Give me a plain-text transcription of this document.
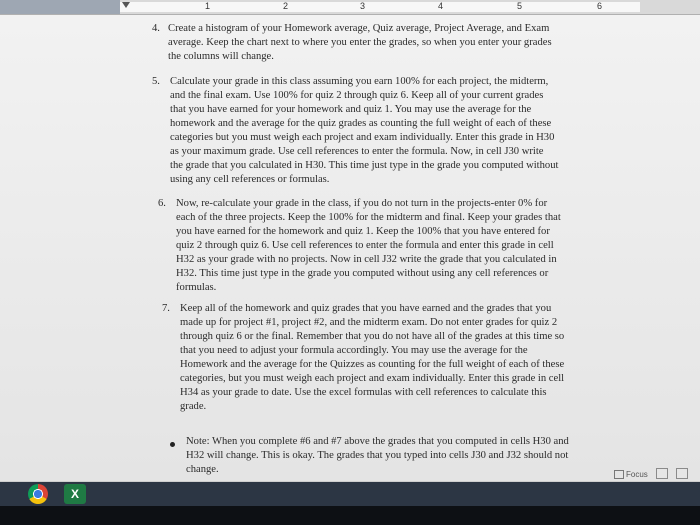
1	2	3	4	5	6
4. Create a histogram of your Homework average, Quiz average, Project Average, and Exam
average. Keep the chart next to where you enter the grades, so when you enter your grades
the columns will change.
5. Calculate your grade in this class assuming you earn 100% for each project, the midterm,
and the final exam. Use 100% for quiz 2 through quiz 6. Keep all of your current grades
that you have earned for your homework and quiz 1. You may use the average for the
homework and the average for the quiz grades as counting the full weight of each of these
categories but you must weigh each project and exam individually. Enter this grade in H30
as your maximum grade. Use cell references to enter the formula. Now, in cell J30 write
the grade that you calculated in H30. This time just type in the grade you computed without
using any cell references or formulas.
6. Now, re-calculate your grade in the class, if you do not turn in the projects-enter 0% for
each of the three projects. Keep the 100% for the midterm and final. Keep your grades that
you have earned for the homework and quiz 1. Keep the 100% that you have entered for
quiz 2 through quiz 6. Use cell references to enter the formula and enter this grade in cell
H32 as your grade with no projects. Now in cell J32 write the grade that you calculated in
H32. This time just type in the grade you computed without using any cell references or
formulas.
7. Keep all of the homework and quiz grades that you have earned and the grades that you
made up for project #1, project #2, and the midterm exam. Do not enter grades for quiz 2
through quiz 6 or the final. Remember that you do not have all of the grades at this time so
that you need to adjust your formula accordingly. You may use the average for the
Homework and the average for the Quizzes as counting for the full weight of each of these
categories, but you must weigh each project and exam individually. Enter this grade in cell
H34 as your grade to date. Use the excel formulas with cell references to calculate this
grade.
Note: When you complete #6 and #7 above the grades that you computed in cells H30 and
H32 will change. This is okay. The grades that you typed into cells J30 and J32 should not
change.	Focus
X
